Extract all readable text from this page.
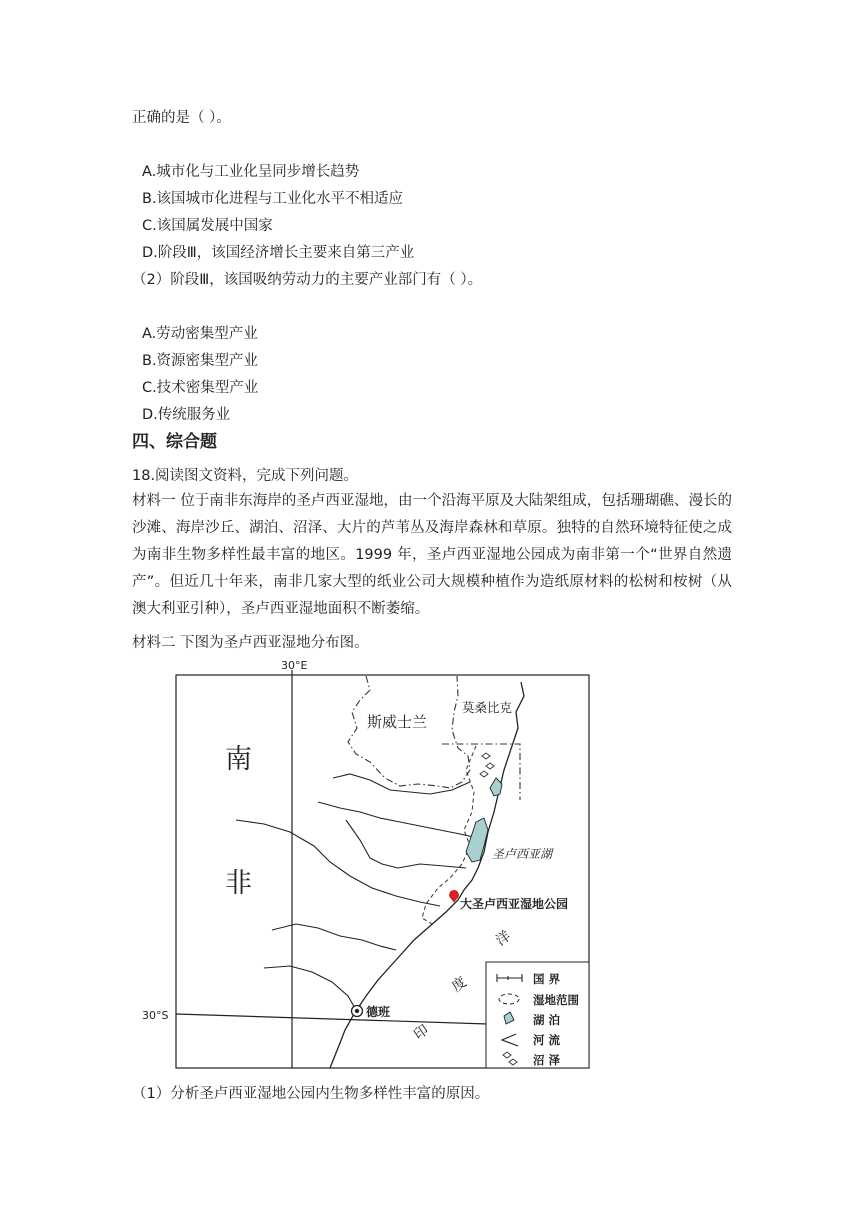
正确的是（ ）。
A.城市化与工业化呈同步增长趋势
B.该国城市化进程与工业化水平不相适应
C.该国属发展中国家
D.阶段Ⅲ，该国经济增长主要来自第三产业
（2）阶段Ⅲ，该国吸纳劳动力的主要产业部门有（ ）。
A.劳动密集型产业
B.资源密集型产业
C.技术密集型产业
D.传统服务业
四、综合题
18.阅读图文资料，完成下列问题。
材料一 位于南非东海岸的圣卢西亚湿地，由一个沿海平原及大陆架组成，包括珊瑚礁、漫长的沙滩、海岸沙丘、湖泊、沼泽、大片的芦苇丛及海岸森林和草原。独特的自然环境特征使之成为南非生物多样性最丰富的地区。1999 年，圣卢西亚湿地公园成为南非第一个“世界自然遗产”。但近几十年来，南非几家大型的纸业公司大规模种植作为造纸原材料的松树和桉树（从澳大利亚引种），圣卢西亚湿地面积不断萎缩。
材料二 下图为圣卢西亚湿地分布图。
30°E
30°S
南
非
斯威士兰
莫桑比克
圣卢西亚湖
大圣卢西亚湿地公园
德班
印
度
洋
国 界
湿地范围
湖 泊
河 流
沼 泽
（1）分析圣卢西亚湿地公园内生物多样性丰富的原因。
